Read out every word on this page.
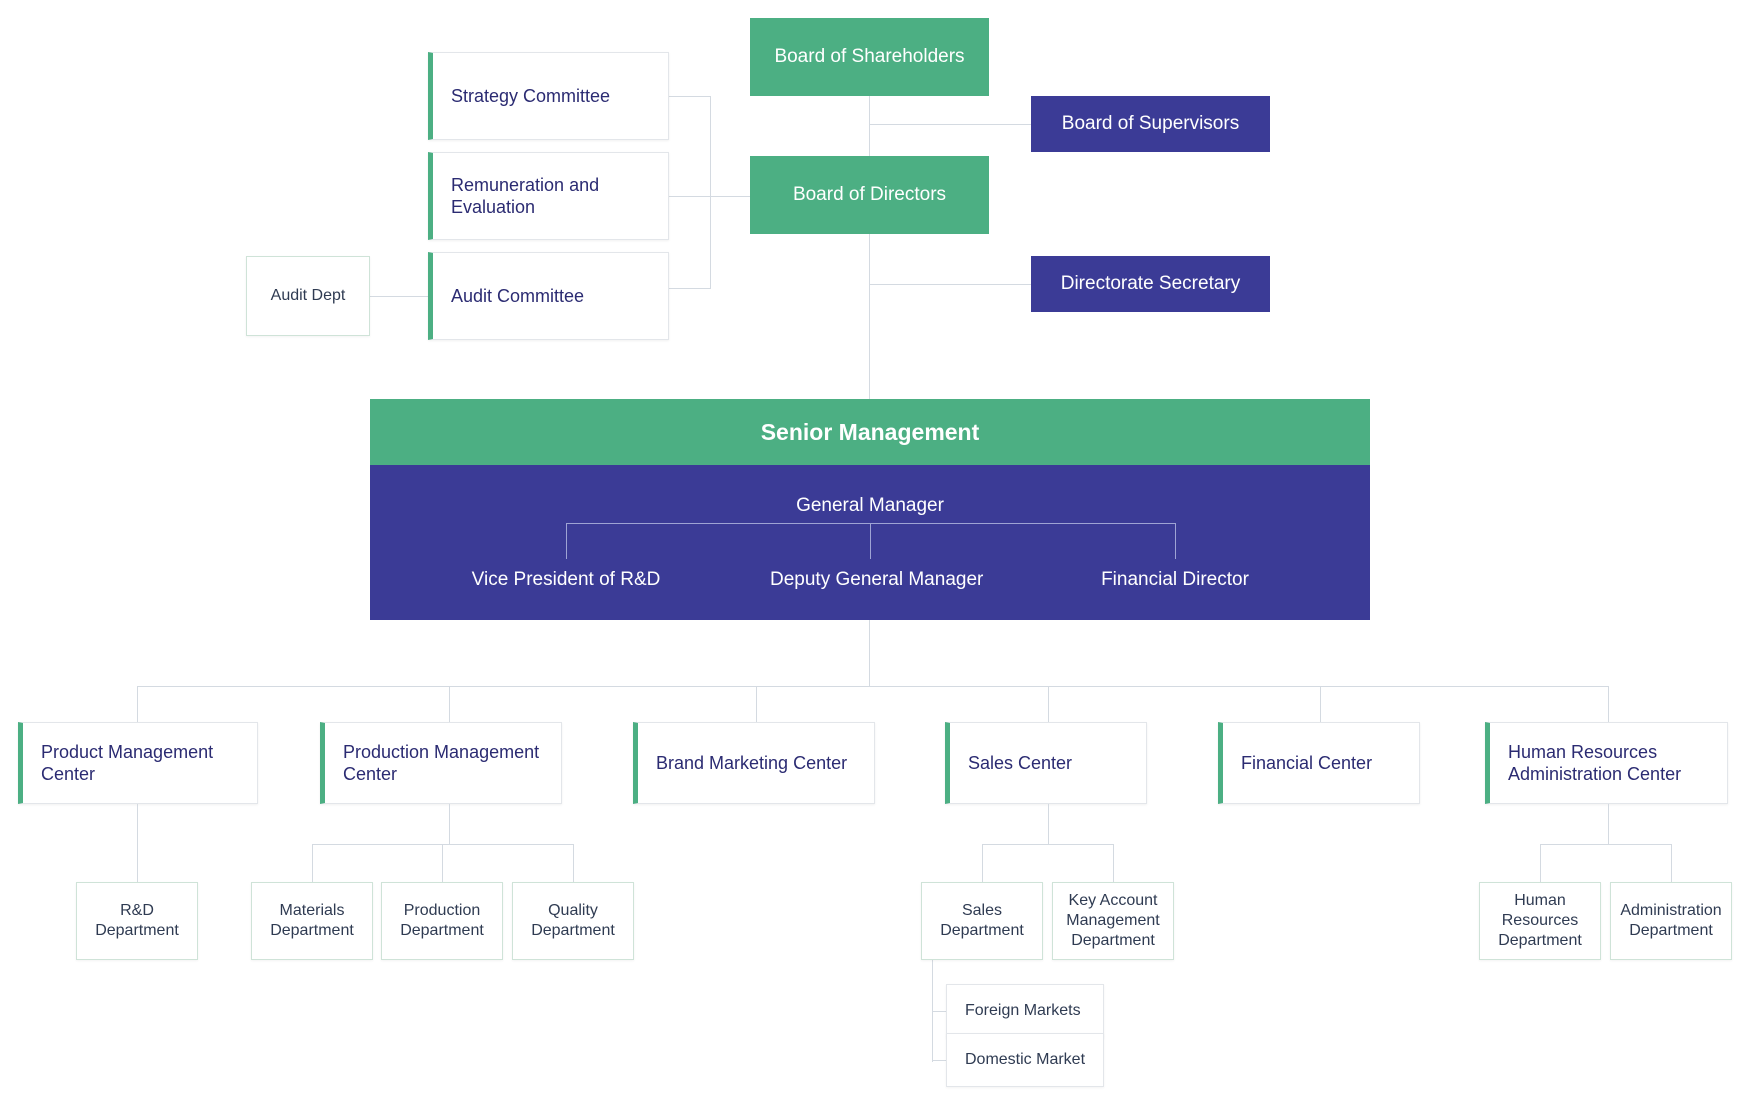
Board of Shareholders
Board of Supervisors
Board of Directors
Directorate Secretary
Strategy Committee
Remuneration and Evaluation
Audit Committee
Audit Dept
Senior Management
General Manager
Vice President of R&D	Deputy General Manager	Financial Director
Product Management Center
Production Management Center
Brand Marketing Center	Sales Center	Financial Center
Human Resources Administration Center
R&D Department
Materials Department
Production Department
Quality Department
Sales Department
Key Account Management Department
Foreign Markets
Domestic Market
Human Resources Department
Administration Department
